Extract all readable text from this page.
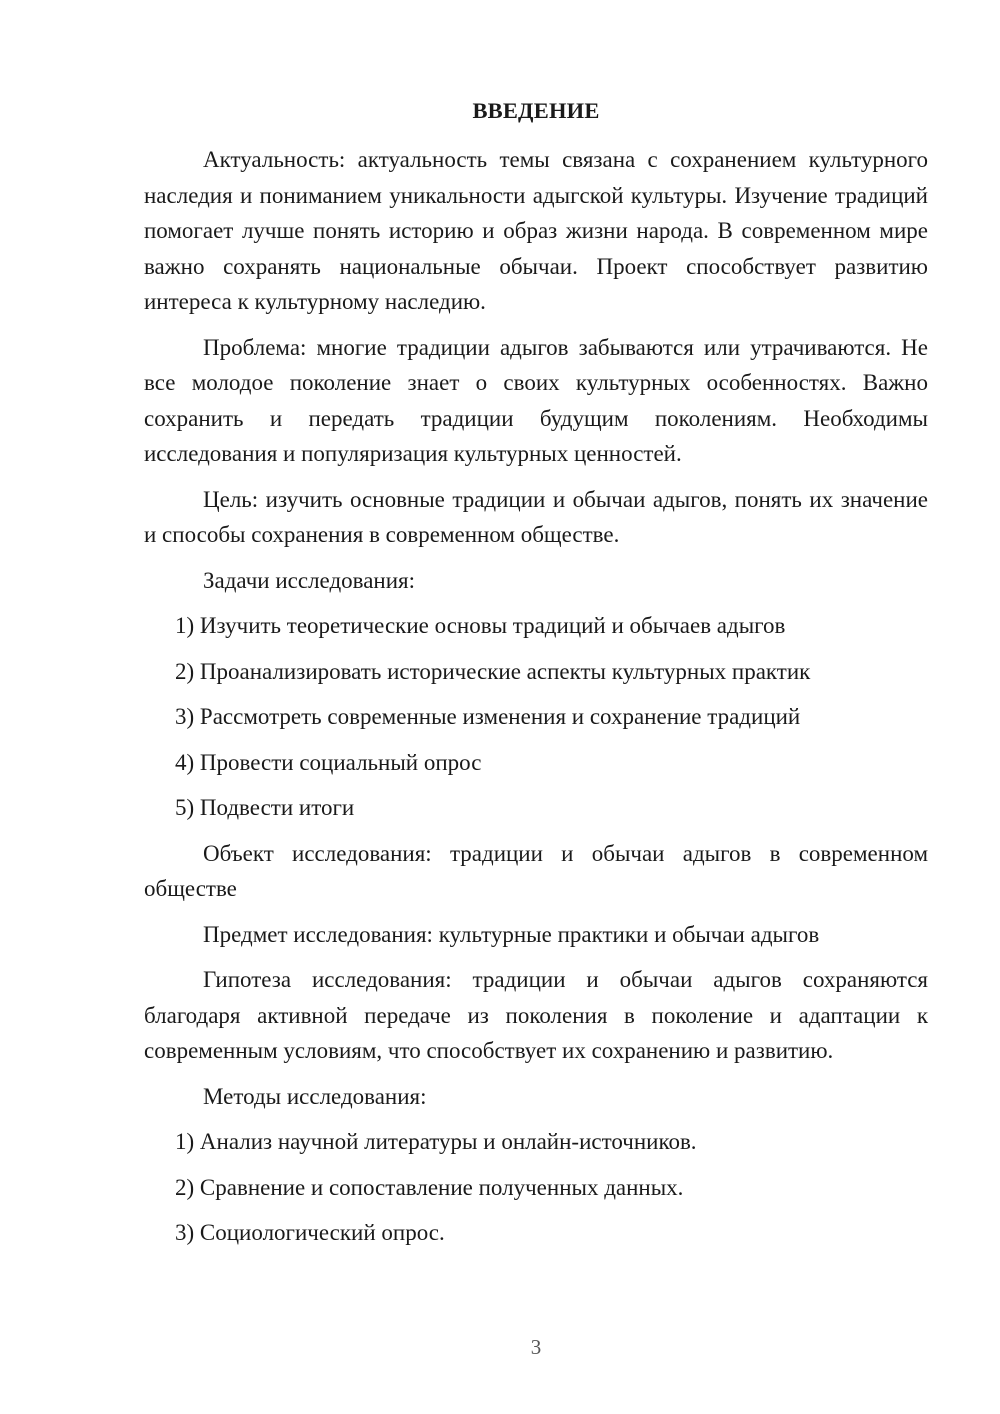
ВВЕДЕНИЕ

Актуальность: актуальность темы связана с сохранением культурного наследия и пониманием уникальности адыгской культуры. Изучение традиций помогает лучше понять историю и образ жизни народа. В современном мире важно сохранять национальные обычаи. Проект способствует развитию интереса к культурному наследию.

Проблема: многие традиции адыгов забываются или утрачиваются. Не все молодое поколение знает о своих культурных особенностях. Важно сохранить и передать традиции будущим поколениям. Необходимы исследования и популяризация культурных ценностей.

Цель: изучить основные традиции и обычаи адыгов, понять их значение и способы сохранения в современном обществе.

Задачи исследования:

1) Изучить теоретические основы традиций и обычаев адыгов

2) Проанализировать исторические аспекты культурных практик

3) Рассмотреть современные изменения и сохранение традиций

4) Провести социальный опрос

5) Подвести итоги

Объект исследования: традиции и обычаи адыгов в современном обществе

Предмет исследования: культурные практики и обычаи адыгов

Гипотеза исследования: традиции и обычаи адыгов сохраняются благодаря активной передаче из поколения в поколение и адаптации к современным условиям, что способствует их сохранению и развитию.

Методы исследования:

1) Анализ научной литературы и онлайн-источников.

2) Сравнение и сопоставление полученных данных.

3) Социологический опрос.

3
